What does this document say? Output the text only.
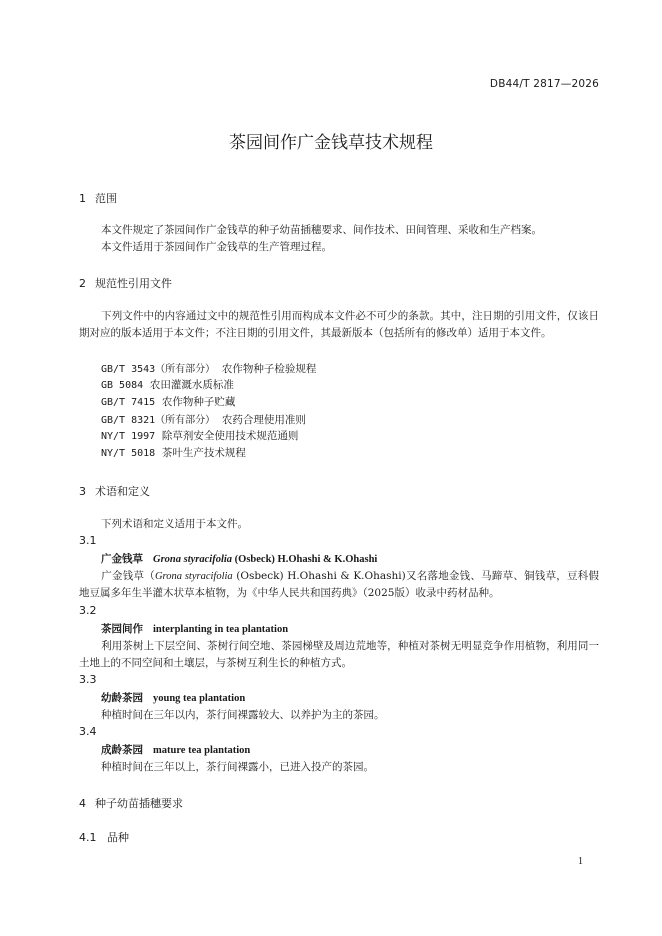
DB44/T 2817—2026
茶园间作广金钱草技术规程
1 范围
本文件规定了茶园间作广金钱草的种子幼苗插穗要求、间作技术、田间管理、采收和生产档案。
本文件适用于茶园间作广金钱草的生产管理过程。
2 规范性引用文件
下列文件中的内容通过文中的规范性引用而构成本文件必不可少的条款。其中，注日期的引用文件，仅该日期对应的版本适用于本文件；不注日期的引用文件，其最新版本（包括所有的修改单）适用于本文件。
GB/T 3543（所有部分） 农作物种子检验规程
GB 5084 农田灌溉水质标准
GB/T 7415 农作物种子贮藏
GB/T 8321（所有部分） 农药合理使用准则
NY/T 1997 除草剂安全使用技术规范通则
NY/T 5018 茶叶生产技术规程
3 术语和定义
下列术语和定义适用于本文件。
3.1
广金钱草 Grona styracifolia (Osbeck) H.Ohashi & K.Ohashi
广金钱草（Grona styracifolia (Osbeck) H.Ohashi & K.Ohashi)又名落地金钱、马蹄草、铜钱草，豆科假地豆属多年生半灌木状草本植物，为《中华人民共和国药典》（2025版）收录中药材品种。
3.2
茶园间作 interplanting in tea plantation
利用茶树上下层空间、茶树行间空地、茶园梯壁及周边荒地等，种植对茶树无明显竞争作用植物，利用同一土地上的不同空间和土壤层，与茶树互利生长的种植方式。
3.3
幼龄茶园 young tea plantation
种植时间在三年以内，茶行间裸露较大、以养护为主的茶园。
3.4
成龄茶园 mature tea plantation
种植时间在三年以上，茶行间裸露小，已进入投产的茶园。
4 种子幼苗插穗要求
4.1 品种
1
